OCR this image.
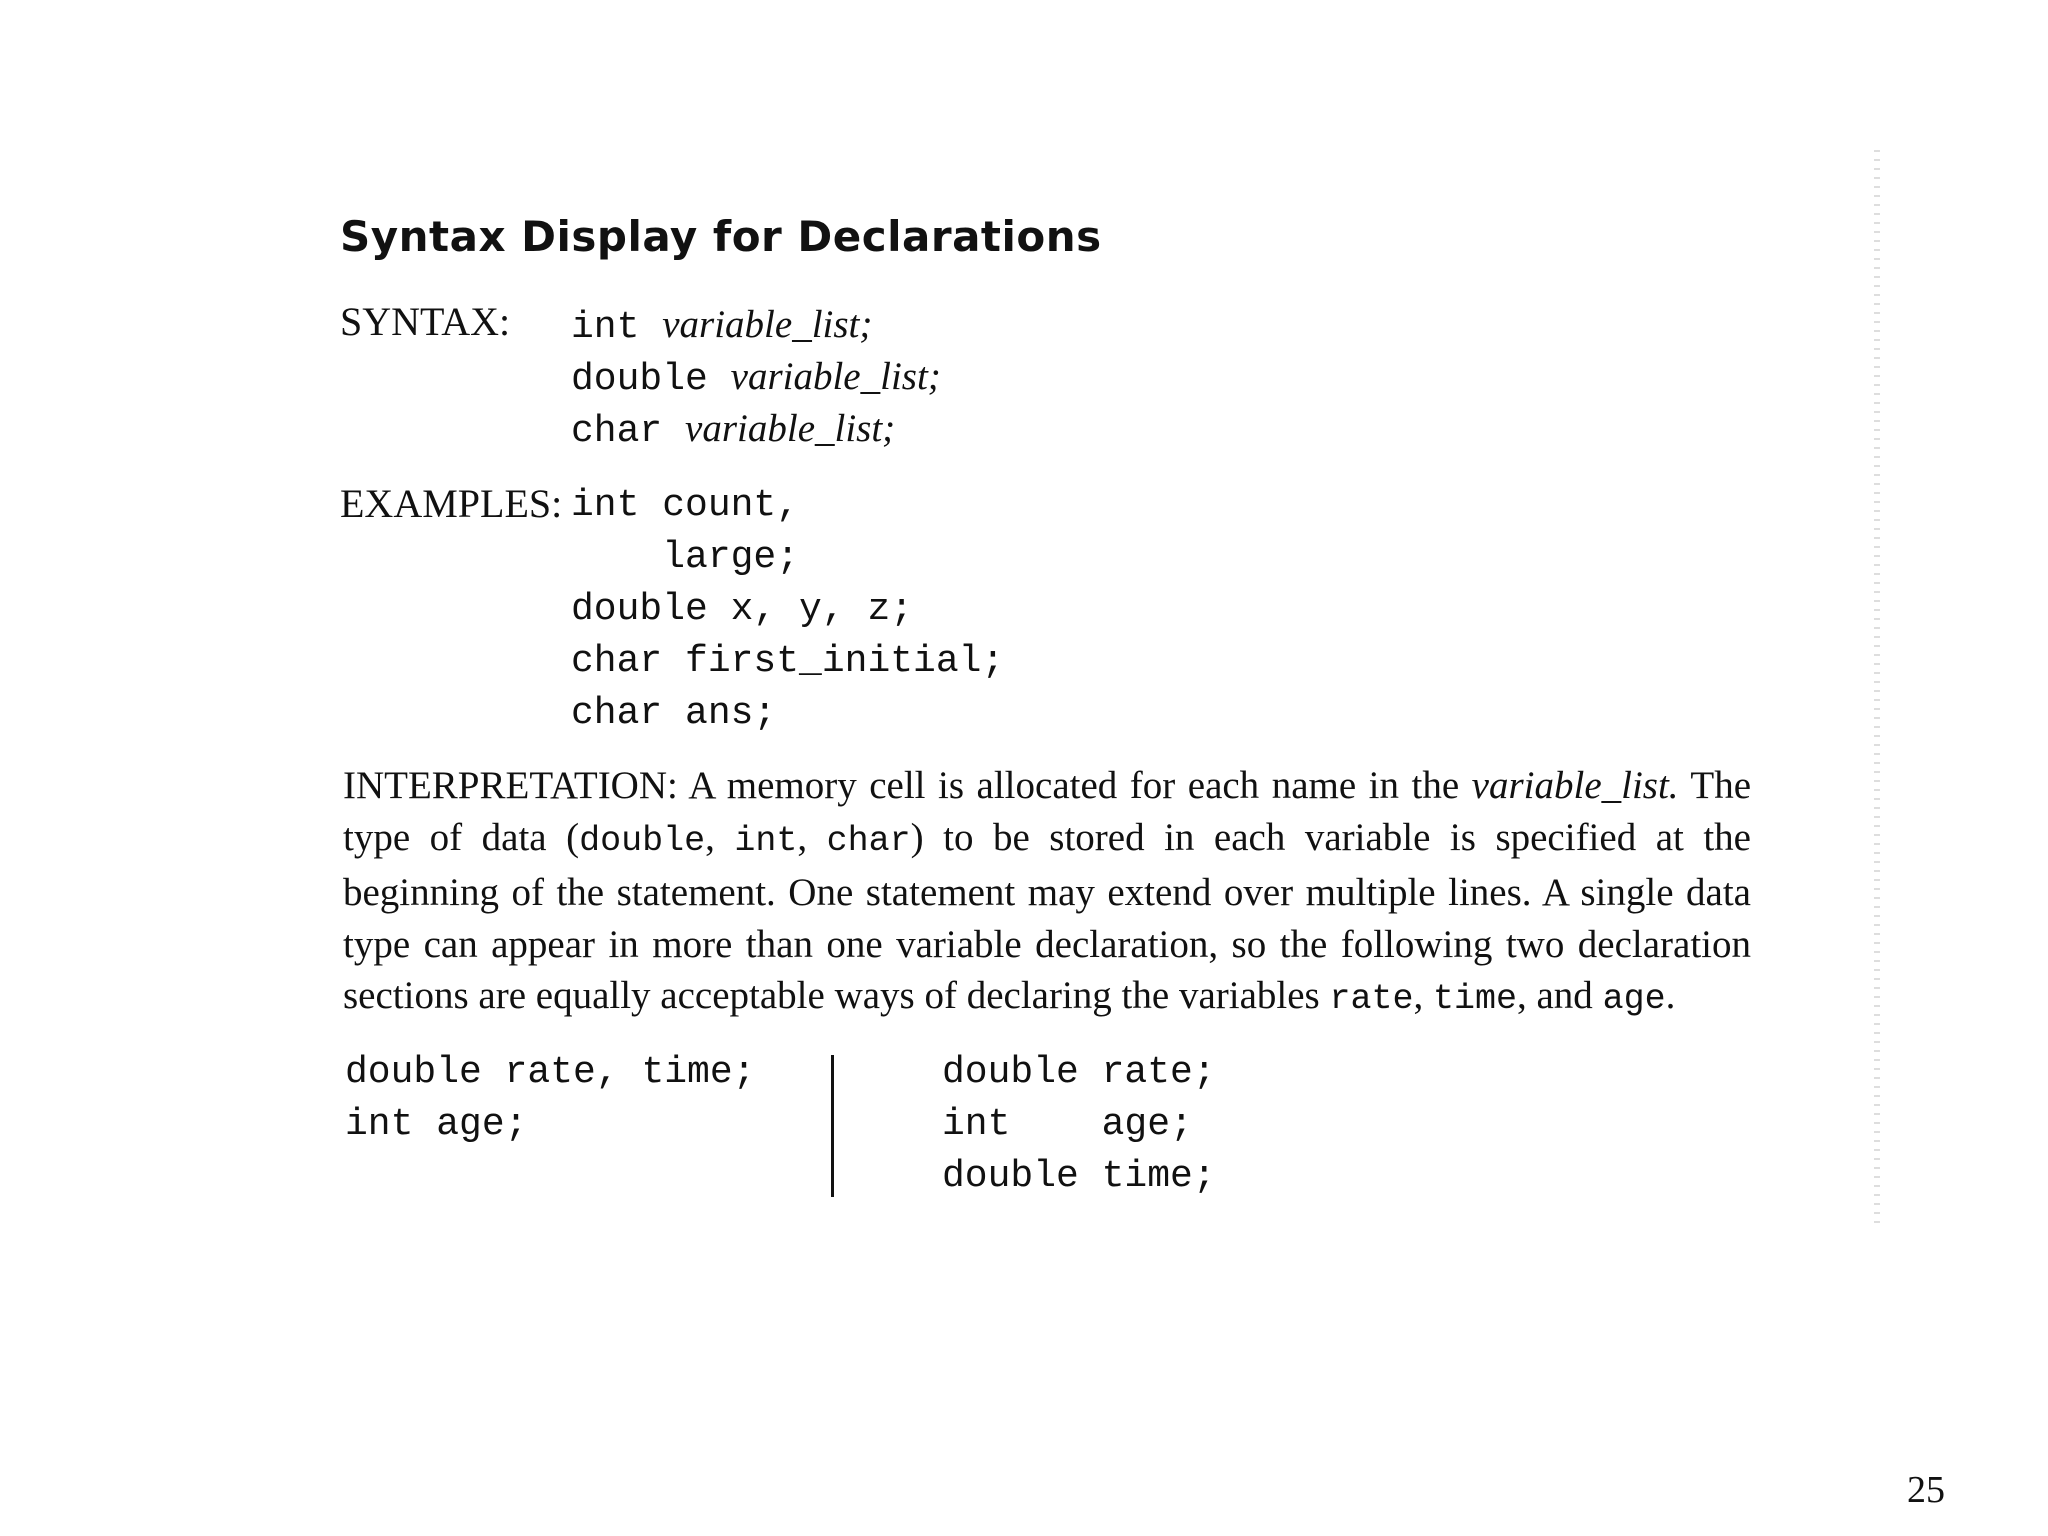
Syntax Display for Declarations
SYNTAX: int variable_list;
double variable_list;
char variable_list;
EXAMPLES: int count,
large;
double x, y, z;
char first_initial;
char ans;
INTERPRETATION: A memory cell is allocated for each name in the variable_list. The type of data (double, int, char) to be stored in each variable is specified at the beginning of the statement. One statement may extend over multiple lines. A single data type can appear in more than one variable declaration, so the following two declaration sections are equally acceptable ways of declaring the variables rate, time, and age.
double rate, time;
int age;
double rate;
int    age;
double time;
25
